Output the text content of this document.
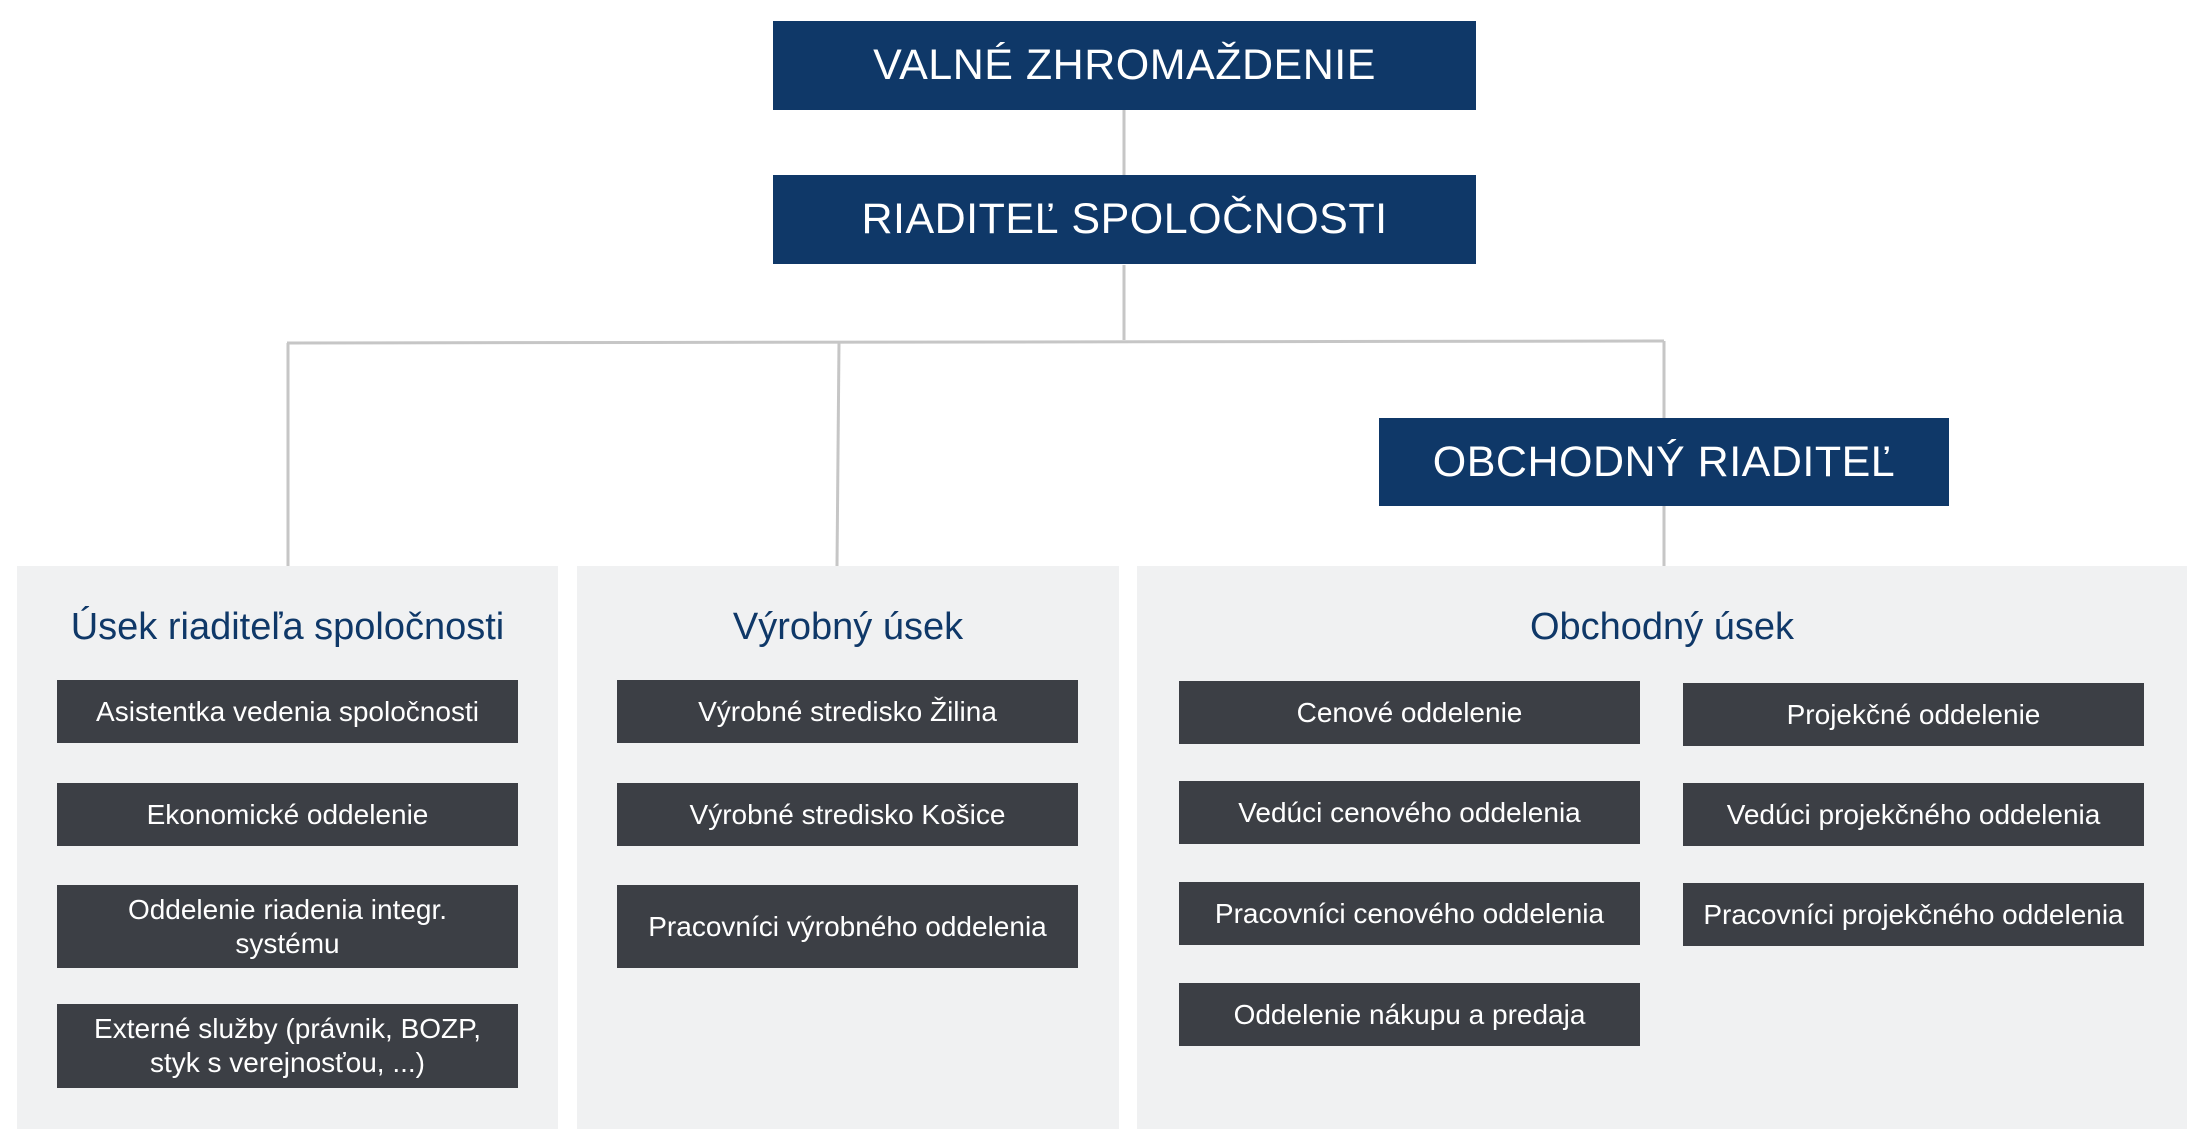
VALNÉ ZHROMAŽDENIE
RIADITEĽ SPOLOČNOSTI
OBCHODNÝ RIADITEĽ
Úsek riaditeľa spoločnosti
Asistentka vedenia spoločnosti
Ekonomické oddelenie
Oddelenie riadenia integr. systému
Externé služby (právnik, BOZP, styk s verejnosťou, ...)
Výrobný úsek
Výrobné stredisko Žilina
Výrobné stredisko Košice
Pracovníci výrobného oddelenia
Obchodný úsek
Cenové oddelenie
Vedúci cenového oddelenia
Pracovníci cenového oddelenia
Oddelenie nákupu a predaja
Projekčné oddelenie
Vedúci projekčného oddelenia
Pracovníci projekčného oddelenia
